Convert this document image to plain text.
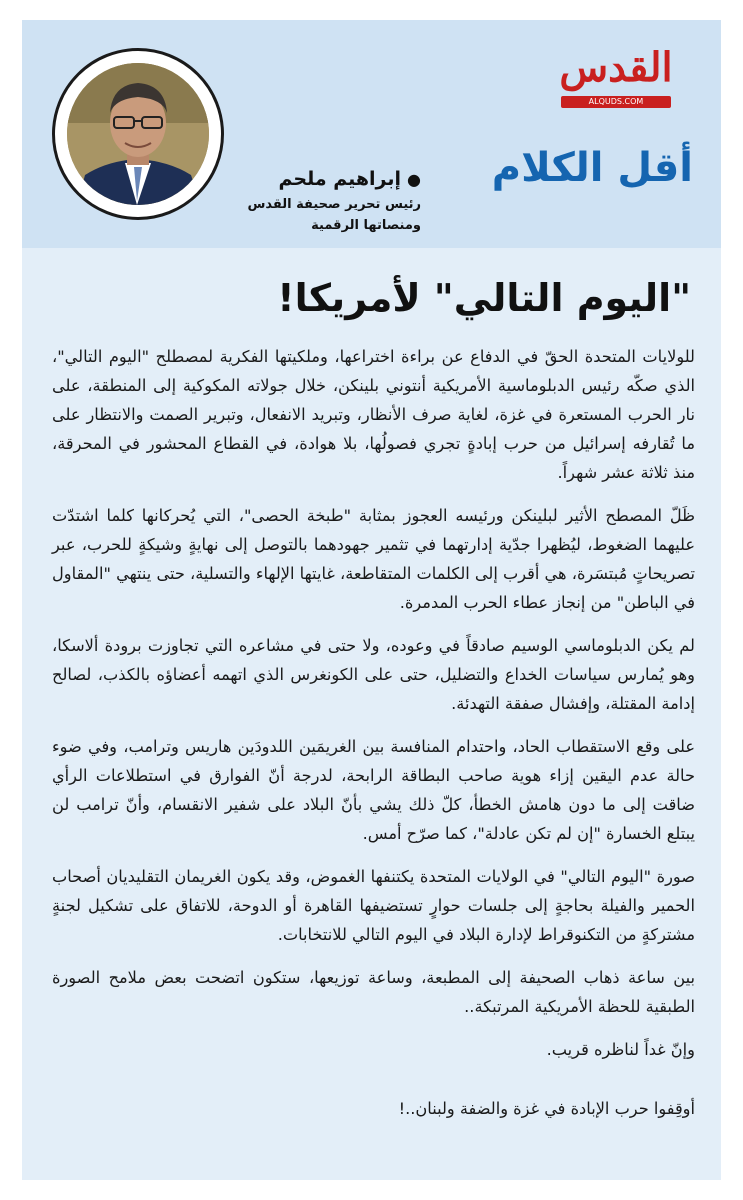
القدس
ALQUDS.COM
أقل الكلام
●إبراهيم ملحم
رئيس تحرير صحيفة القدس
ومنصاتها الرقمية
"اليوم التالي" لأمريكا!

للولايات المتحدة الحقّ في الدفاع عن براءة اختراعها، وملكيتها الفكرية لمصطلح "اليوم التالي"، الذي صكّه رئيس الدبلوماسية الأمريكية أنتوني بلينكن، خلال جولاته المكوكية إلى المنطقة، على نار الحرب المستعرة في غزة، لغاية صرف الأنظار، وتبريد الانفعال، وتبرير الصمت والانتظار على ما تُقارفه إسرائيل من حرب إبادةٍ تجري فصولُها، بلا هوادة، في القطاع المحشور في المحرقة، منذ ثلاثة عشر شهراً.

ظَلّ المصطح الأثير لبلينكن ورئيسه العجوز بمثابة "طبخة الحصى"، التي يُحركانها كلما اشتدّت عليهما الضغوط، ليُظهرا جدّية إدارتهما في تثمير جهودهما بالتوصل إلى نهايةٍ وشيكةٍ للحرب، عبر تصريحاتٍ مُبتسَرة، هي أقرب إلى الكلمات المتقاطعة، غايتها الإلهاء والتسلية، حتى ينتهي "المقاول في الباطن" من إنجاز عطاء الحرب المدمرة.

لم يكن الدبلوماسي الوسيم صادقاً في وعوده، ولا حتى في مشاعره التي تجاوزت برودة ألاسكا، وهو يُمارس سياسات الخداع والتضليل، حتى على الكونغرس الذي اتهمه أعضاؤه بالكذب، لصالح إدامة المقتلة، وإفشال صفقة التهدئة.

على وقع الاستقطاب الحاد، واحتدام المنافسة بين الغريمَين اللدودَين هاريس وترامب، وفي ضوء حالة عدم اليقين إزاء هوية صاحب البطاقة الرابحة، لدرجة أنّ الفوارق في استطلاعات الرأي ضاقت إلى ما دون هامش الخطأ، كلّ ذلك يشي بأنّ البلاد على شفير الانقسام، وأنّ ترامب لن يبتلع الخسارة "إن لم تكن عادلة"، كما صرّح أمس.

صورة "اليوم التالي" في الولايات المتحدة يكتنفها الغموض، وقد يكون الغريمان التقليديان أصحاب الحمير والفيلة بحاجةٍ إلى جلسات حوارٍ تستضيفها القاهرة أو الدوحة، للاتفاق على تشكيل لجنةٍ مشتركةٍ من التكنوقراط لإدارة البلاد في اليوم التالي للانتخابات.

بين ساعة ذهاب الصحيفة إلى المطبعة، وساعة توزيعها، ستكون اتضحت بعض ملامح الصورة الطبقية للحظة الأمريكية المرتبكة..

وإنّ غداً لناظره قريب.

أوقِفوا حرب الإبادة في غزة والضفة ولبنان..!
